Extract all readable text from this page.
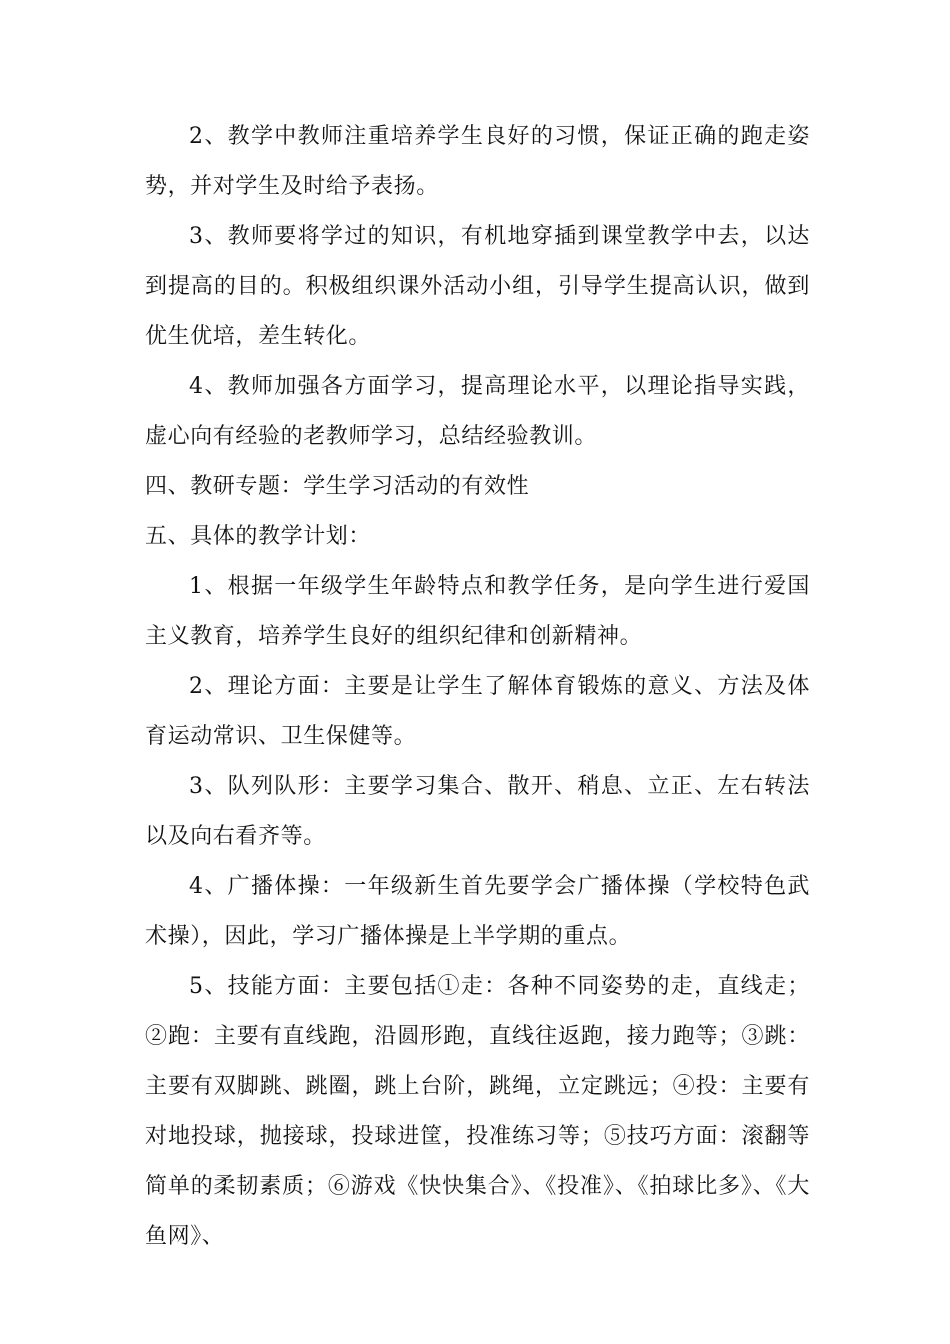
2、教学中教师注重培养学生良好的习惯，保证正确的跑走姿势，并对学生及时给予表扬。

3、教师要将学过的知识，有机地穿插到课堂教学中去，以达到提高的目的。积极组织课外活动小组，引导学生提高认识，做到优生优培，差生转化。

4、教师加强各方面学习，提高理论水平，以理论指导实践，虚心向有经验的老教师学习，总结经验教训。

四、教研专题：学生学习活动的有效性

五、具体的教学计划：

1、根据一年级学生年龄特点和教学任务，是向学生进行爱国主义教育，培养学生良好的组织纪律和创新精神。

2、理论方面：主要是让学生了解体育锻炼的意义、方法及体育运动常识、卫生保健等。

3、队列队形：主要学习集合、散开、稍息、立正、左右转法以及向右看齐等。

4、广播体操：一年级新生首先要学会广播体操（学校特色武术操），因此，学习广播体操是上半学期的重点。

5、技能方面：主要包括①走：各种不同姿势的走，直线走；②跑：主要有直线跑，沿圆形跑，直线往返跑，接力跑等；③跳：主要有双脚跳、跳圈，跳上台阶，跳绳，立定跳远；④投：主要有对地投球，抛接球，投球进筐，投准练习等；⑤技巧方面：滚翻等简单的柔韧素质；⑥游戏《快快集合》、《投准》、《拍球比多》、《大鱼网》、
